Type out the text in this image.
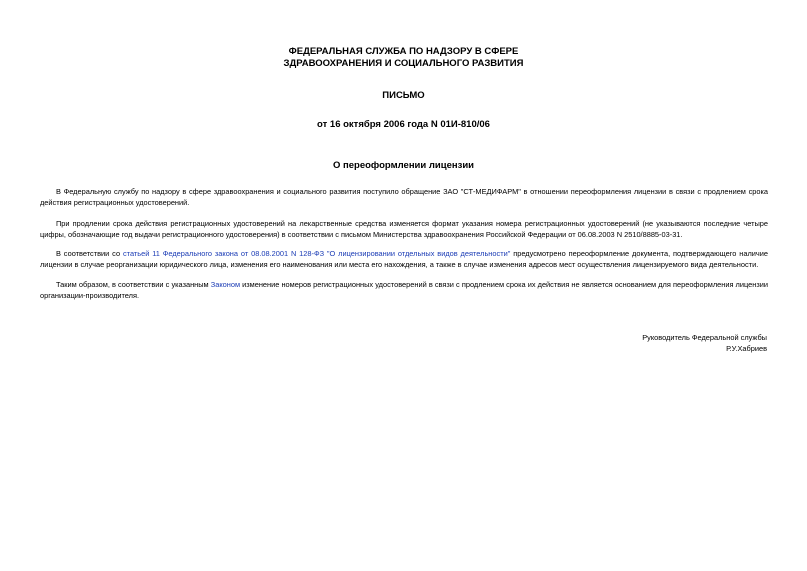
ФЕДЕРАЛЬНАЯ СЛУЖБА ПО НАДЗОРУ В СФЕРЕ
ЗДРАВООХРАНЕНИЯ И СОЦИАЛЬНОГО РАЗВИТИЯ
ПИСЬМО
от 16 октября 2006 года N 01И-810/06
О переоформлении лицензии

В Федеральную службу по надзору в сфере здравоохранения и социального развития поступило обращение ЗАО "СТ-МЕДИФАРМ" в отношении переоформления лицензии в связи с продлением срока действия регистрационных удостоверений.

При продлении срока действия регистрационных удостоверений на лекарственные средства изменяется формат указания номера регистрационных удостоверений (не указываются последние четыре цифры, обозначающие год выдачи регистрационного удостоверения) в соответствии с письмом Министерства здравоохранения Российской Федерации от 06.08.2003 N 2510/8885-03-31.

В соответствии со статьей 11 Федерального закона от 08.08.2001 N 128-ФЗ "О лицензировании отдельных видов деятельности" предусмотрено переоформление документа, подтверждающего наличие лицензии в случае реорганизации юридического лица, изменения его наименования или места его нахождения, а также в случае изменения адресов мест осуществления лицензируемого вида деятельности.

Таким образом, в соответствии с указанным Законом изменение номеров регистрационных удостоверений в связи с продлением срока их действия не является основанием для переоформления лицензии организации-производителя.

Руководитель Федеральной службы
Р.У.Хабриев
